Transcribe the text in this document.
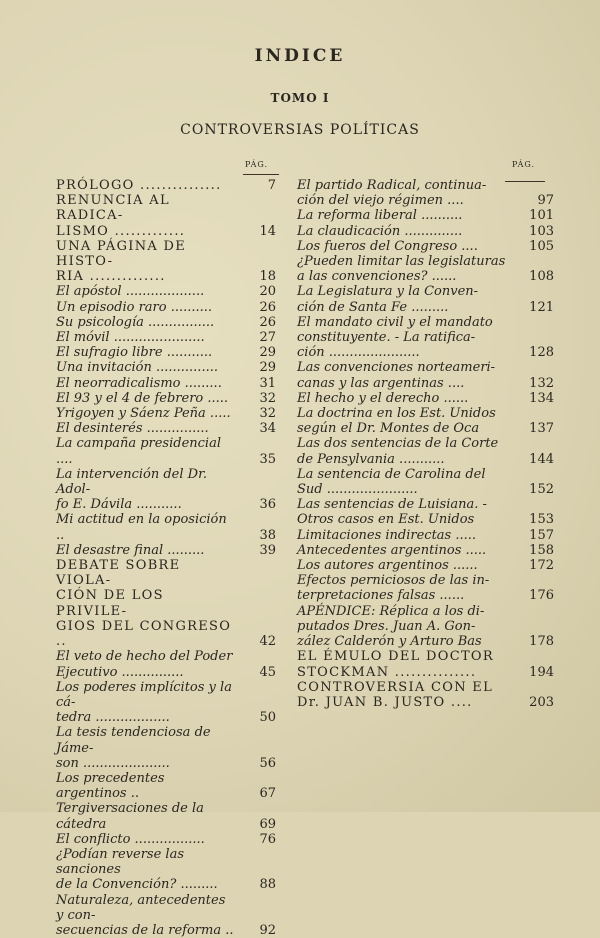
INDICE
TOMO I
CONTROVERSIAS POLÍTICAS
PÁG.	PÁG.
PRÓLOGO ...............	7
RENUNCIA AL RADICA-
LISMO .............	14
UNA PÁGINA DE HISTO-
RIA ..............	18
El apóstol ...................	20
Un episodio raro ..........	26
Su psicología ................	26
El móvil ......................	27
El sufragio libre ...........	29
Una invitación ...............	29
El neorradicalismo .........	31
El 93 y el 4 de febrero .....	32
Yrigoyen y Sáenz Peña .....	32
El desinterés ...............	34
La campaña presidencial ....	35
La intervención del Dr. Adol-
fo E. Dávila ...........	36
Mi actitud en la oposición ..	38
El desastre final .........	39
DEBATE SOBRE VIOLA-
CIÓN DE LOS PRIVILE-
GIOS DEL CONGRESO ..	42
El veto de hecho del Poder
Ejecutivo ...............	45
Los poderes implícitos y la cá-
tedra ..................	50
La tesis tendenciosa de Jáme-
son .....................	56
Los precedentes argentinos ..	67
Tergiversaciones de la cátedra	69
El conflicto .................	76
¿Podían reverse las sanciones
de la Convención? .........	88
Naturaleza, antecedentes y con-
secuencias de la reforma ..	92
El partido Radical, continua-
ción del viejo régimen ....	97
La reforma liberal ..........	101
La claudicación ..............	103
Los fueros del Congreso ....	105
¿Pueden limitar las legislaturas
a las convenciones? ......	108
La Legislatura y la Conven-
ción de Santa Fe .........	121
El mandato civil y el mandato
constituyente. - La ratifica-
ción ......................	128
Las convenciones norteameri-
canas y las argentinas ....	132
El hecho y el derecho ......	134
La doctrina en los Est. Unidos
según el Dr. Montes de Oca	137
Las dos sentencias de la Corte
de Pensylvania ...........	144
La sentencia de Carolina del
Sud ......................	152
Las sentencias de Luisiana. -
Otros casos en Est. Unidos	153
Limitaciones indirectas .....	157
Antecedentes argentinos .....	158
Los autores argentinos ......	172
Efectos perniciosos de las in-
terpretaciones falsas ......	176
APÉNDICE: Réplica a los di-
putados Dres. Juan A. Gon-
zález Calderón y Arturo Bas	178
EL ÉMULO DEL DOCTOR
STOCKMAN ...............	194
CONTROVERSIA CON EL
Dr. JUAN B. JUSTO ....	203
